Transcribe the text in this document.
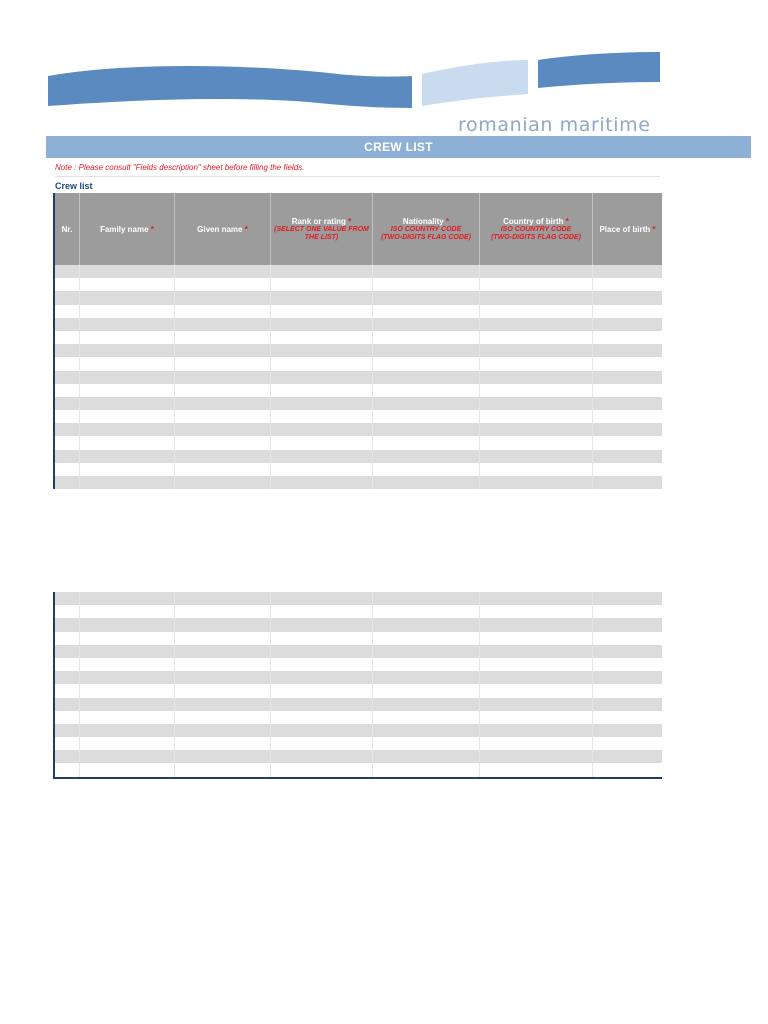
romanian maritime
CREW LIST
Note : Please consult "Fields description" sheet before filling the fields.
Crew list
Nr.	Family name *	Given name *
Rank or rating *
(SELECT ONE VALUE FROM
THE LIST)
Nationality *
ISO COUNTRY CODE
(TWO-DIGITS FLAG CODE)
Country of birth *
ISO COUNTRY CODE
(TWO-DIGITS FLAG CODE)
Place of birth *
